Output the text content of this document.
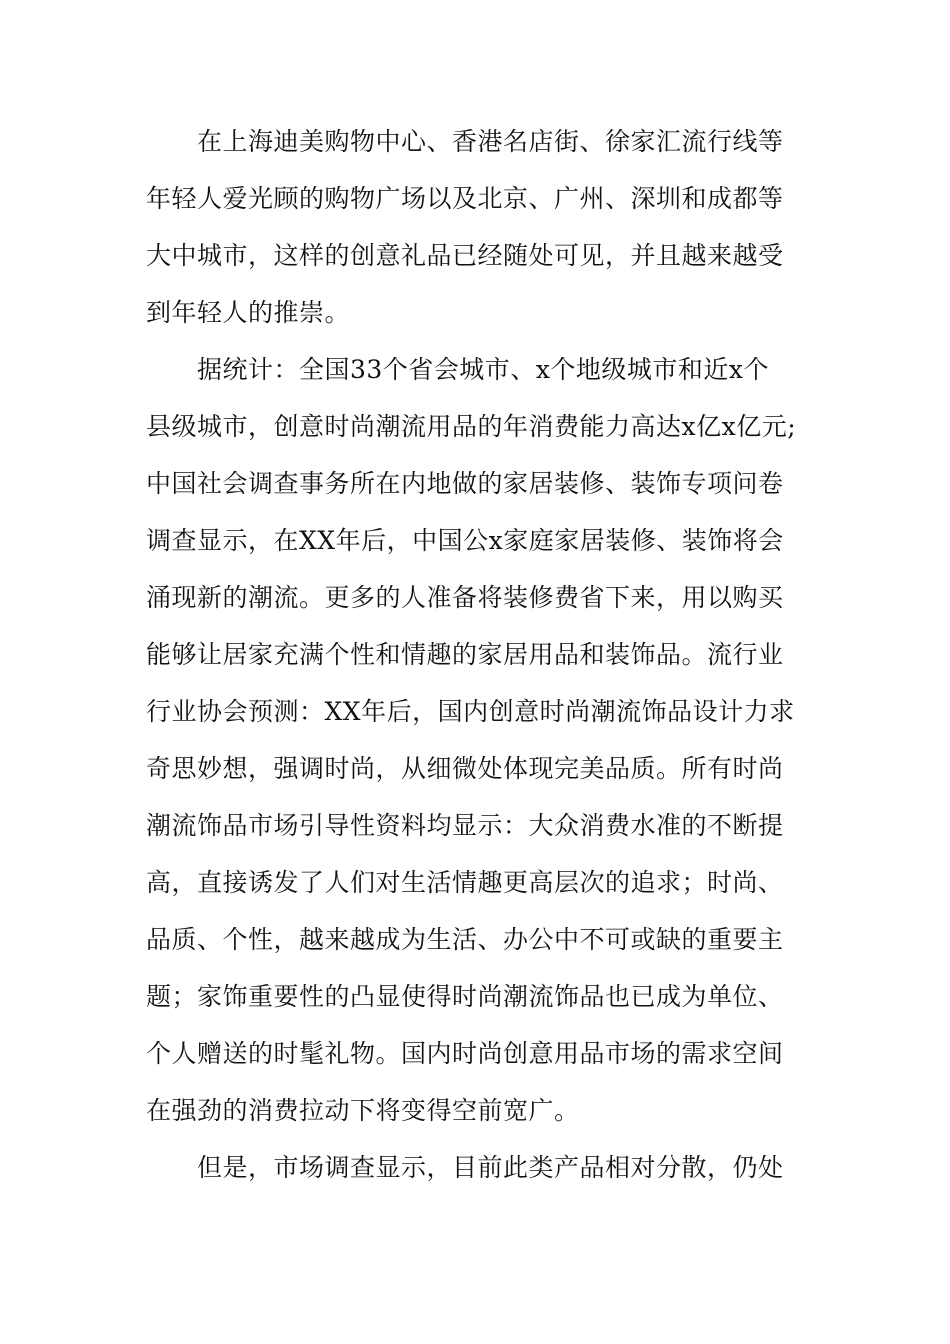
在上海迪美购物中心、香港名店街、徐家汇流行线等
年轻人爱光顾的购物广场以及北京、广州、深圳和成都等
大中城市，这样的创意礼品已经随处可见，并且越来越受
到年轻人的推崇。
据统计：全国33个省会城市、x个地级城市和近x个
县级城市，创意时尚潮流用品的年消费能力高达x亿x亿元;
中国社会调查事务所在内地做的家居装修、装饰专项问卷
调查显示，在XX年后，中国公x家庭家居装修、装饰将会
涌现新的潮流。更多的人准备将装修费省下来，用以购买
能够让居家充满个性和情趣的家居用品和装饰品。流行业
行业协会预测：XX年后，国内创意时尚潮流饰品设计力求
奇思妙想，强调时尚，从细微处体现完美品质。所有时尚
潮流饰品市场引导性资料均显示：大众消费水准的不断提
高，直接诱发了人们对生活情趣更高层次的追求；时尚、
品质、个性，越来越成为生活、办公中不可或缺的重要主
题；家饰重要性的凸显使得时尚潮流饰品也已成为单位、
个人赠送的时髦礼物。国内时尚创意用品市场的需求空间
在强劲的消费拉动下将变得空前宽广。
但是，市场调查显示，目前此类产品相对分散，仍处
